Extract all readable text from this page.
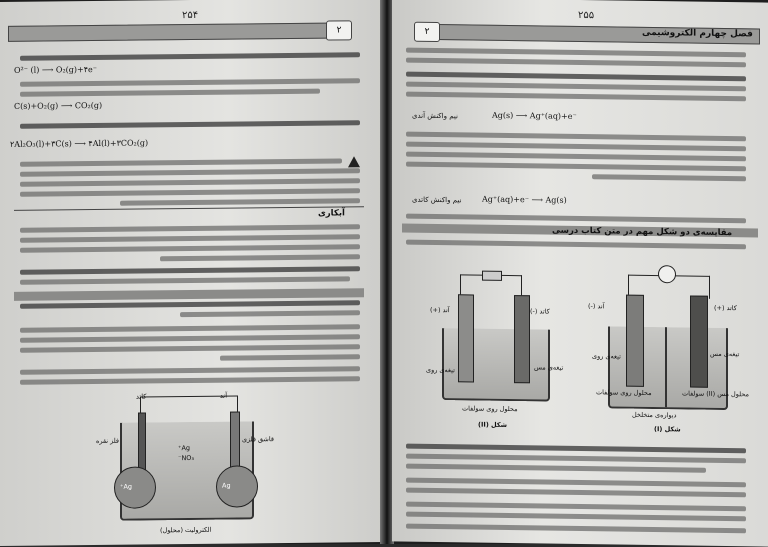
۲۵۴
۲
O²⁻ (l) ⟶ O₂(g)+۴e⁻
C(s)+O₂(g) ⟶ CO₂(g)
۲Al₂O₃(l)+۳C(s) ⟶ ۴Al(l)+۳CO₂(g)
آبکاری
کاتد	آند
فلز نقره	قاشق فلزی
Ag⁺
NO₃⁻
Ag⁺	Ag
الکترولیت (محلول)
۲۵۵
۲	فصل چهارم الکتروشیمی
Ag(s) ⟶ Ag⁺(aq)+e⁻
نیم واکنش آندی
Ag⁺(aq)+e⁻ ⟶ Ag(s)
نیم واکنش کاتدی
مقایسه‌ی دو شکل مهم در متن کتاب درسی
آند (+)	کاتد (-)
تیغه‌ی روی	تیغه‌ی مس
محلول روی سولفات
شکل (II)
آند (-)	کاتد (+)
تیغه‌ی روی	تیغه‌ی مس
محلول روی سولفات	محلول مس (II) سولفات
دیواره‌ی متخلخل
شکل (I)
